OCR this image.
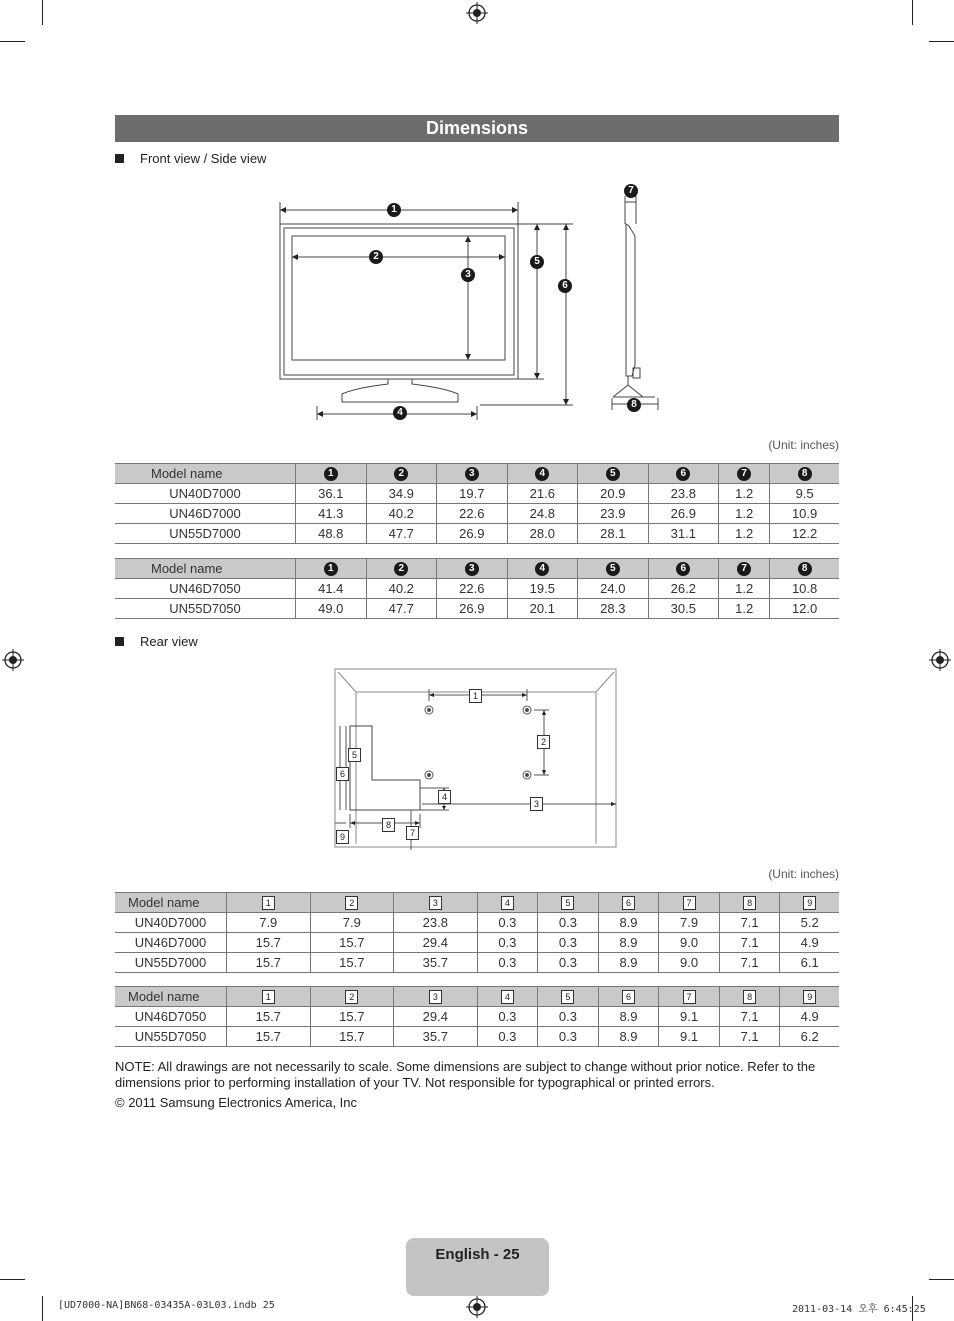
Dimensions
Front view / Side view
1
2
3
4
5
6
7
8
(Unit: inches)
Model name	1	2	3	4	5	6	7	8
UN40D7000	36.1	34.9	19.7	21.6	20.9	23.8	1.2	9.5
UN46D7000	41.3	40.2	22.6	24.8	23.9	26.9	1.2	10.9
UN55D7000	48.8	47.7	26.9	28.0	28.1	31.1	1.2	12.2
Model name	1	2	3	4	5	6	7	8
UN46D7050	41.4	40.2	22.6	19.5	24.0	26.2	1.2	10.8
UN55D7050	49.0	47.7	26.9	20.1	28.3	30.5	1.2	12.0
Rear view
1
2
3
4
5
6
7
8
9
(Unit: inches)
Model name	1	2	3	4	5	6	7	8	9
UN40D7000	7.9	7.9	23.8	0.3	0.3	8.9	7.9	7.1	5.2
UN46D7000	15.7	15.7	29.4	0.3	0.3	8.9	9.0	7.1	4.9
UN55D7000	15.7	15.7	35.7	0.3	0.3	8.9	9.0	7.1	6.1
Model name	1	2	3	4	5	6	7	8	9
UN46D7050	15.7	15.7	29.4	0.3	0.3	8.9	9.1	7.1	4.9
UN55D7050	15.7	15.7	35.7	0.3	0.3	8.9	9.1	7.1	6.2
NOTE: All drawings are not necessarily to scale. Some dimensions are subject to change without prior notice. Refer to the dimensions prior to performing installation of your TV. Not responsible for typographical or printed errors.
© 2011 Samsung Electronics America, Inc
English - 25
[UD7000-NA]BN68-03435A-03L03.indb 25	2011-03-14 오후 6:45:25
